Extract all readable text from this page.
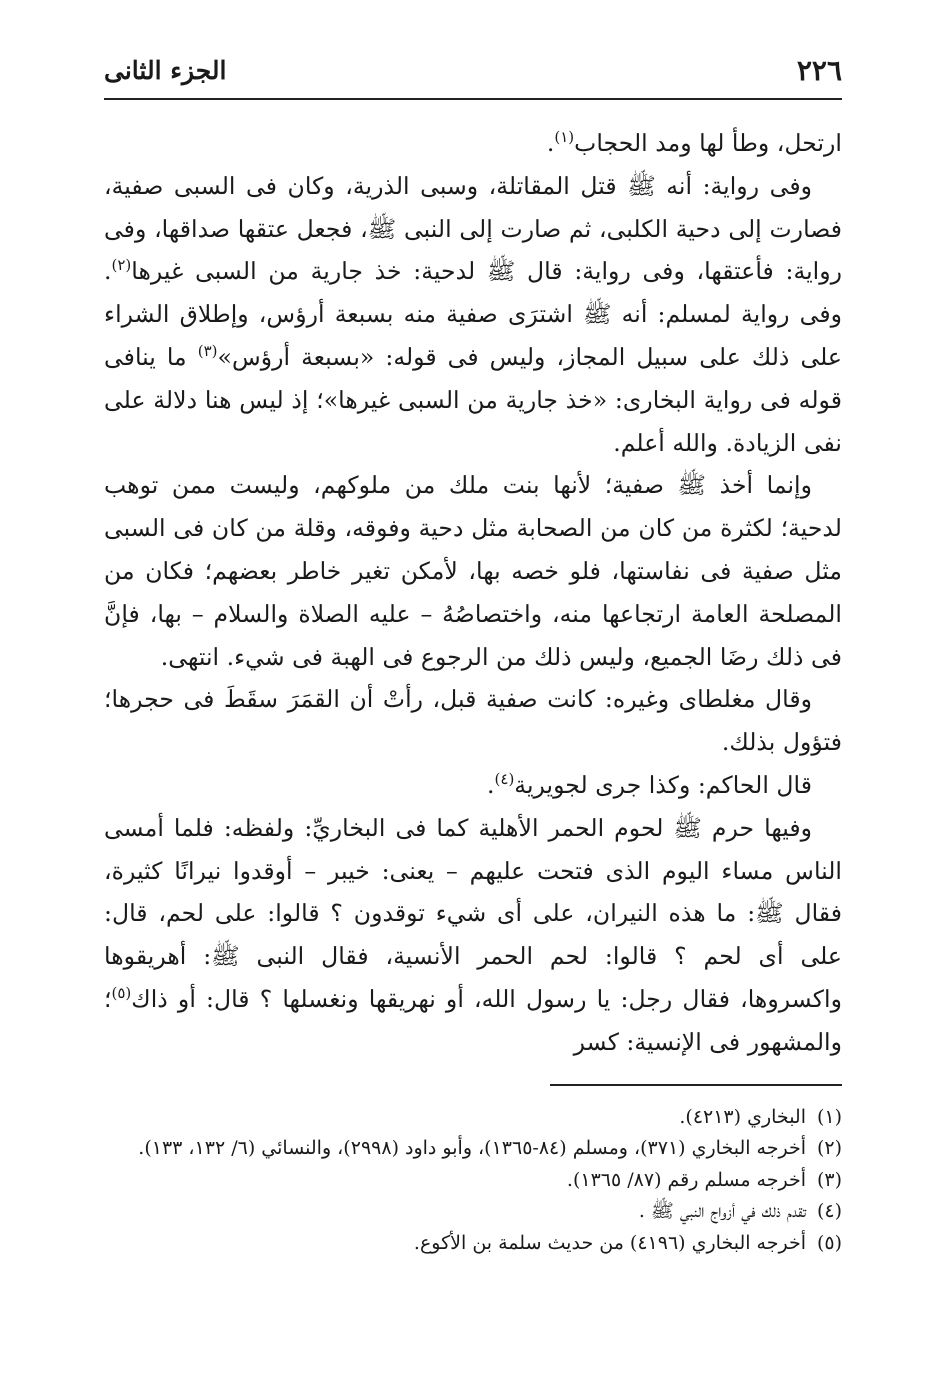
٢٢٦
الجزء الثانى

ارتحل، وطأ لها ومد الحجاب$^{(١)}$.

وفى رواية: أنه ﷺ قتل المقاتلة، وسبى الذرية، وكان فى السبى صفية، فصارت إلى دحية الكلبى، ثم صارت إلى النبى ﷺ، فجعل عتقها صداقها، وفى رواية: فأعتقها، وفى رواية: قال ﷺ لدحية: خذ جارية من السبى غيرها$^{(٢)}$. وفى رواية لمسلم: أنه ﷺ اشترَى صفية منه بسبعة أرؤس، وإطلاق الشراء على ذلك على سبيل المجاز، وليس فى قوله: «بسبعة أرؤس»$^{(٣)}$ ما ينافى قوله فى رواية البخارى: «خذ جارية من السبى غيرها»؛ إذ ليس هنا دلالة على نفى الزيادة. والله أعلم.

وإنما أخذ ﷺ صفية؛ لأنها بنت ملك من ملوكهم، وليست ممن توهب لدحية؛ لكثرة من كان من الصحابة مثل دحية وفوقه، وقلة من كان فى السبى مثل صفية فى نفاستها، فلو خصه بها، لأمكن تغير خاطر بعضهم؛ فكان من المصلحة العامة ارتجاعها منه، واختصاصُهُ – عليه الصلاة والسلام – بها، فإنَّ فى ذلك رضَا الجميع، وليس ذلك من الرجوع فى الهبة فى شيء. انتهى.

وقال مغلطاى وغيره: كانت صفية قبل، رأتْ أن القمَرَ سقَطَ فى حجرها؛ فتؤول بذلك.

قال الحاكم: وكذا جرى لجويرية$^{(٤)}$.

وفيها حرم ﷺ لحوم الحمر الأهلية كما فى البخاريِّ: ولفظه: فلما أمسى الناس مساء اليوم الذى فتحت عليهم – يعنى: خيبر – أوقدوا نيرانًا كثيرة، فقال ﷺ: ما هذه النيران، على أى شيء توقدون ؟ قالوا: على لحم، قال: على أى لحم ؟ قالوا: لحم الحمر الأنسية، فقال النبى ﷺ: أهريقوها واكسروها، فقال رجل: يا رسول الله، أو نهريقها ونغسلها ؟ قال: أو ذاك$^{(٥)}$؛ والمشهور فى الإنسية: كسر

(١)
البخاري (٤٢١٣).

(٢)
أخرجه البخاري (٣٧١)، ومسلم (٨٤-١٣٦٥)، وأبو داود (٢٩٩٨)، والنسائي (٦/ ١٣٢، ١٣٣).

(٣)
أخرجه مسلم رقم (٨٧/ ١٣٦٥).

(٤)
تقدم ذلك في أزواج النبي ﷺ .

(٥)
أخرجه البخاري (٤١٩٦) من حديث سلمة بن الأكوع.
